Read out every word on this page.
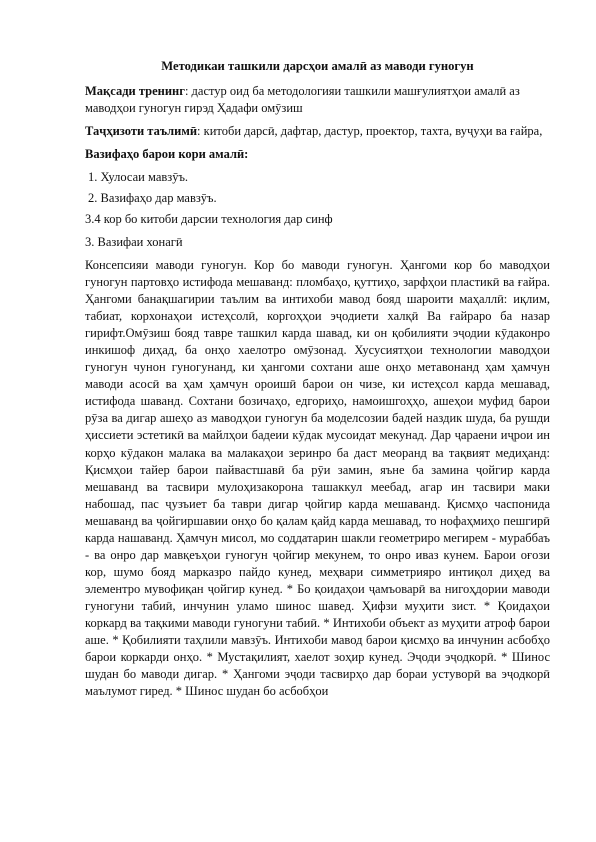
Методикаи ташкили дарсҳои амалӣ аз маводи гуногун

Мақсади тренинг: дастур оид ба методологияи ташкили машғулиятҳои амалӣ аз маводҳои гуногун гирэд Ҳадафи омӯзиш

Таҷҳизоти таълимӣ: китоби дарсӣ, дафтар, дастур, проектор, тахта, вуҷуҳи ва ғайра,

Вазифаҳо барои кори амалӣ:

1. Хулосаи мавзӯъ.

2. Вазифаҳо дар мавзӯъ.

3.4 кор бо китоби дарсии технология дар синф

3. Вазифаи хонагӣ

Консепсияи маводи гуногун. Кор бо маводи гуногун. Ҳангоми кор бо маводҳои гуногун партовҳо истифода мешаванд: пломбаҳо, қуттиҳо, зарфҳои пластикӣ ва ғайра. Ҳангоми банақшагирии таълим ва интихоби мавод бояд шароити маҳаллӣ: иқлим, табиат, корхонаҳои истеҳсолӣ, коргоҳҳои эҷодиети халқӣ Ва ғайраро ба назар гирифт.Омӯзиш бояд тавре ташкил карда шавад, ки он қобилияти эҷодии кӯдаконро инкишоф диҳад, ба онҳо хаелотро омӯзонад. Хусусиятҳои технологии маводҳои гуногун чунон гуногунанд, ки ҳангоми сохтани аше онҳо метавонанд ҳам ҳамчун маводи асосӣ ва ҳам ҳамчун ороишӣ барои он чизе, ки истеҳсол карда мешавад, истифода шаванд. Сохтани бозичаҳо, едгориҳо, намоишгоҳҳо, ашеҳои муфид барои рӯза ва дигар ашеҳо аз маводҳои гуногун ба моделсозии бадей наздик шуда, ба рушди ҳиссиети эстетикӣ ва майлҳои бадеии кӯдак мусоидат мекунад. Дар ҷараени иҷрои ин корҳо кӯдакон малака ва малакаҳои зеринро ба даст меоранд ва тақвият медиҳанд: Қисмҳои тайер барои пайвастшавӣ ба рӯи замин, яъне ба замина ҷойгир карда мешаванд ва тасвири мулоҳизакорона ташаккул меебад, агар ин тасвири маки набошад, пас ҷузъиет ба таври дигар ҷойгир карда мешаванд. Қисмҳо часпонида мешаванд ва ҷойгиршавии онҳо бо қалам қайд карда мешавад, то нофаҳмиҳо пешгирӣ карда нашаванд. Ҳамчун мисол, мо соддатарин шакли геометриро мегирем - мураббаъ - ва онро дар мавқеъҳои гуногун ҷойгир мекунем, то онро иваз кунем. Барои оғози кор, шумо бояд марказро пайдо кунед, меҳвари симметрияро интиқол диҳед ва элементро мувофиқан ҷойгир кунед. * Бо қоидаҳои ҷамъоварӣ ва нигоҳдории маводи гуногуни табиӣ, инчунин уламо шинос шавед. Ҳифзи муҳити зист. * Қоидаҳои коркард ва тақкими маводи гуногуни табиӣ. * Интихоби объект аз муҳити атроф барои аше. * Қобилияти таҳлили мавзӯъ. Интихоби мавод барои қисмҳо ва инчунин асбобҳо барои коркарди онҳо. * Мустақилият, хаелот зоҳир кунед. Эҷоди эҷодкорӣ. * Шинос шудан бо маводи дигар. * Ҳангоми эҷоди тасвирҳо дар бораи устуворӣ ва эҷодкорӣ маълумот гиред. * Шинос шудан бо асбобҳои
